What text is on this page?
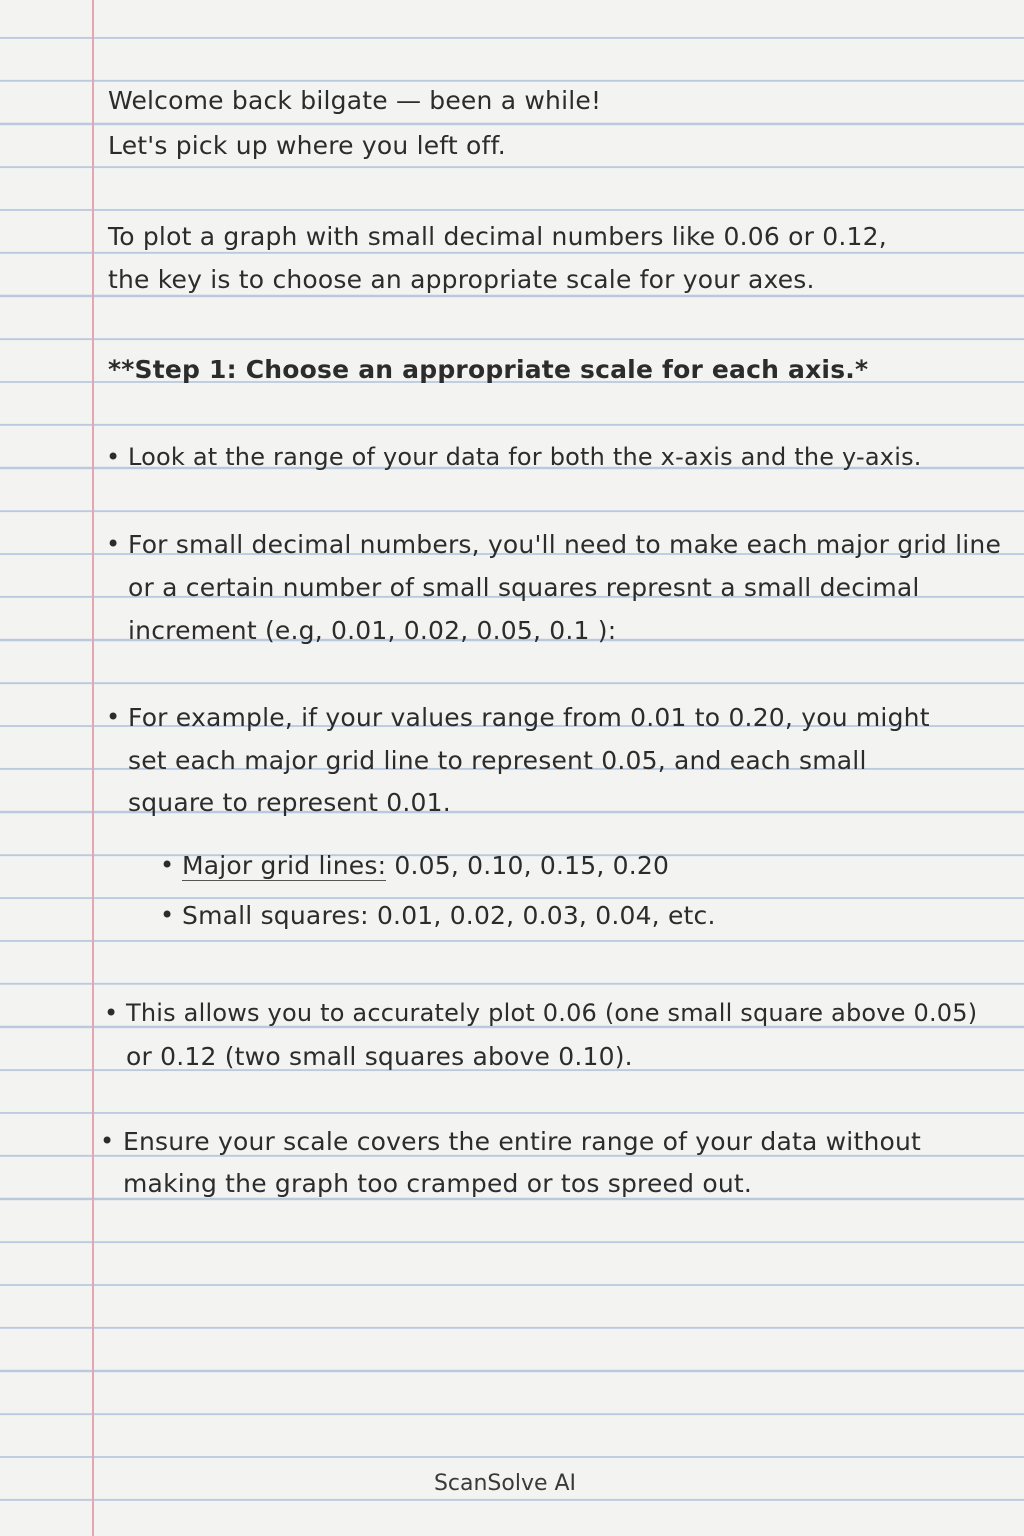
Welcome back bilgate — been a while!
Let's pick up where you left off.
To plot a graph with small decimal numbers like 0.06 or 0.12,
the key is to choose an appropriate scale for your axes.
**Step 1: Choose an appropriate scale for each axis.*
• Look at the range of your data for both the x-axis and the y-axis.
• For small decimal numbers, you'll need to make each major grid line
or a certain number of small squares represnt a small decimal
increment (e.g, 0.01, 0.02, 0.05, 0.1 ):
• For example, if your values range from 0.01 to 0.20, you might
set each major grid line to represent 0.05, and each small
square to represent 0.01.
• Major grid lines: 0.05, 0.10, 0.15, 0.20
• Small squares: 0.01, 0.02, 0.03, 0.04, etc.
• This allows you to accurately plot 0.06 (one small square above 0.05)
or 0.12 (two small squares above 0.10).
• Ensure your scale covers the entire range of your data without
making the graph too cramped or tos spreed out.
ScanSolve AI
